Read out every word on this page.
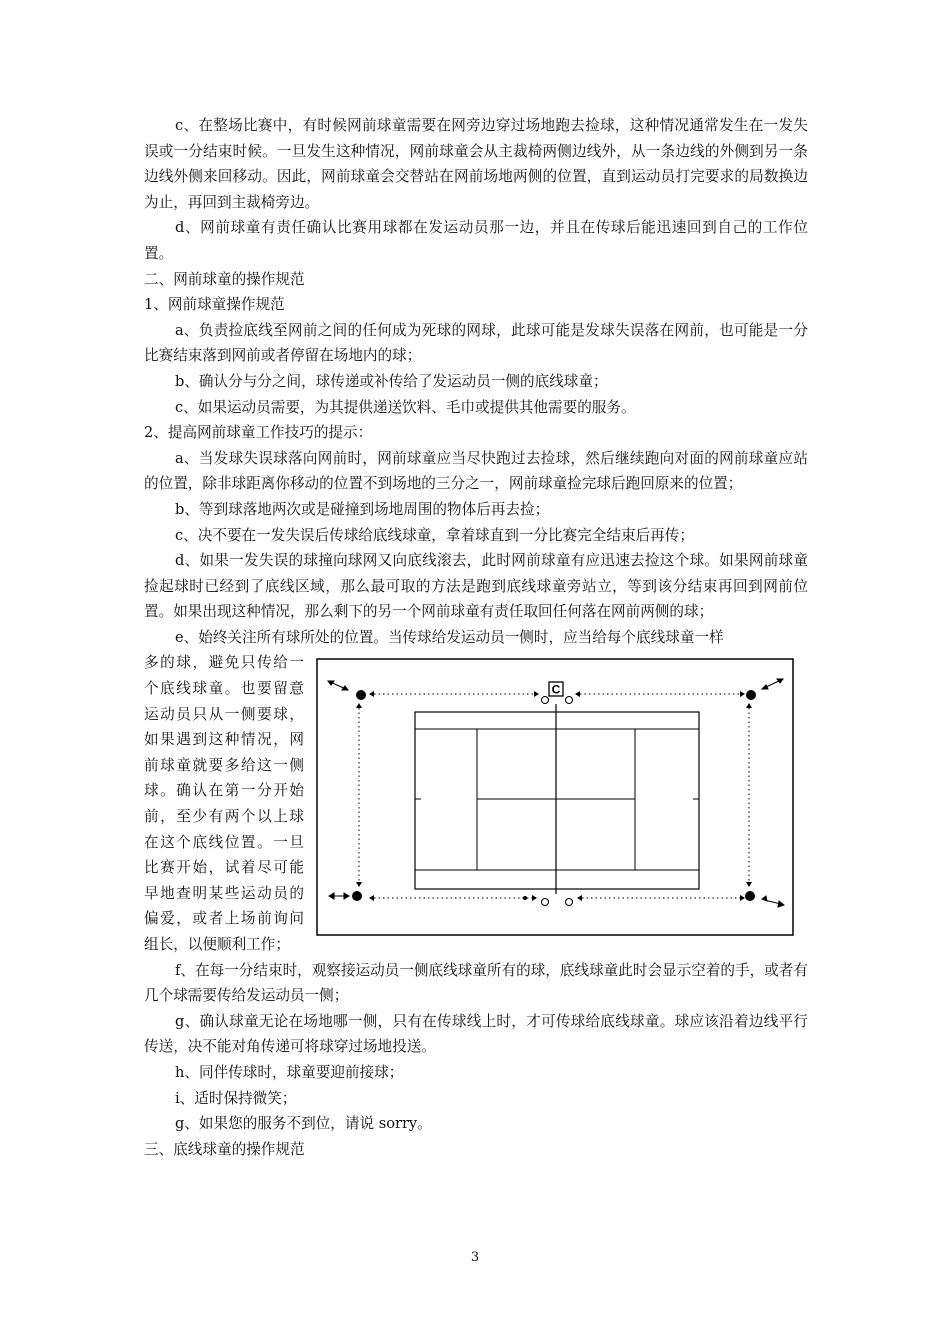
c、在整场比赛中，有时候网前球童需要在网旁边穿过场地跑去捡球，这种情况通常发生在一发失误或一分结束时候。一旦发生这种情况，网前球童会从主裁椅两侧边线外，从一条边线的外侧到另一条边线外侧来回移动。因此，网前球童会交替站在网前场地两侧的位置，直到运动员打完要求的局数换边为止，再回到主裁椅旁边。

d、网前球童有责任确认比赛用球都在发运动员那一边，并且在传球后能迅速回到自己的工作位置。

二、网前球童的操作规范

1、网前球童操作规范

a、负责捡底线至网前之间的任何成为死球的网球，此球可能是发球失误落在网前，也可能是一分比赛结束落到网前或者停留在场地内的球；

b、确认分与分之间，球传递或补传给了发运动员一侧的底线球童；

c、如果运动员需要，为其提供递送饮料、毛巾或提供其他需要的服务。

2、提高网前球童工作技巧的提示：

a、当发球失误球落向网前时，网前球童应当尽快跑过去捡球，然后继续跑向对面的网前球童应站的位置，除非球距离你移动的位置不到场地的三分之一，网前球童捡完球后跑回原来的位置；

b、等到球落地两次或是碰撞到场地周围的物体后再去捡；

c、决不要在一发失误后传球给底线球童，拿着球直到一分比赛完全结束后再传；

d、如果一发失误的球撞向球网又向底线滚去，此时网前球童有应迅速去捡这个球。如果网前球童捡起球时已经到了底线区域，那么最可取的方法是跑到底线球童旁站立，等到该分结束再回到网前位置。如果出现这种情况，那么剩下的另一个网前球童有责任取回任何落在网前两侧的球；

e、始终关注所有球所处的位置。当传球给发运动员一侧时，应当给每个底线球童一样

C

多的球，避免只传给一个底线球童。也要留意运动员只从一侧要球，如果遇到这种情况，网前球童就要多给这一侧球。确认在第一分开始前，至少有两个以上球在这个底线位置。一旦比赛开始，试着尽可能早地查明某些运动员的偏爱，或者上场前询问组长，以便顺利工作；

f、在每一分结束时，观察接运动员一侧底线球童所有的球，底线球童此时会显示空着的手，或者有几个球需要传给发运动员一侧；

g、确认球童无论在场地哪一侧，只有在传球线上时，才可传球给底线球童。球应该沿着边线平行传送，决不能对角传递可将球穿过场地投送。

h、同伴传球时，球童要迎前接球；

i、适时保持微笑；

g、如果您的服务不到位，请说 sorry。

三、底线球童的操作规范

3
